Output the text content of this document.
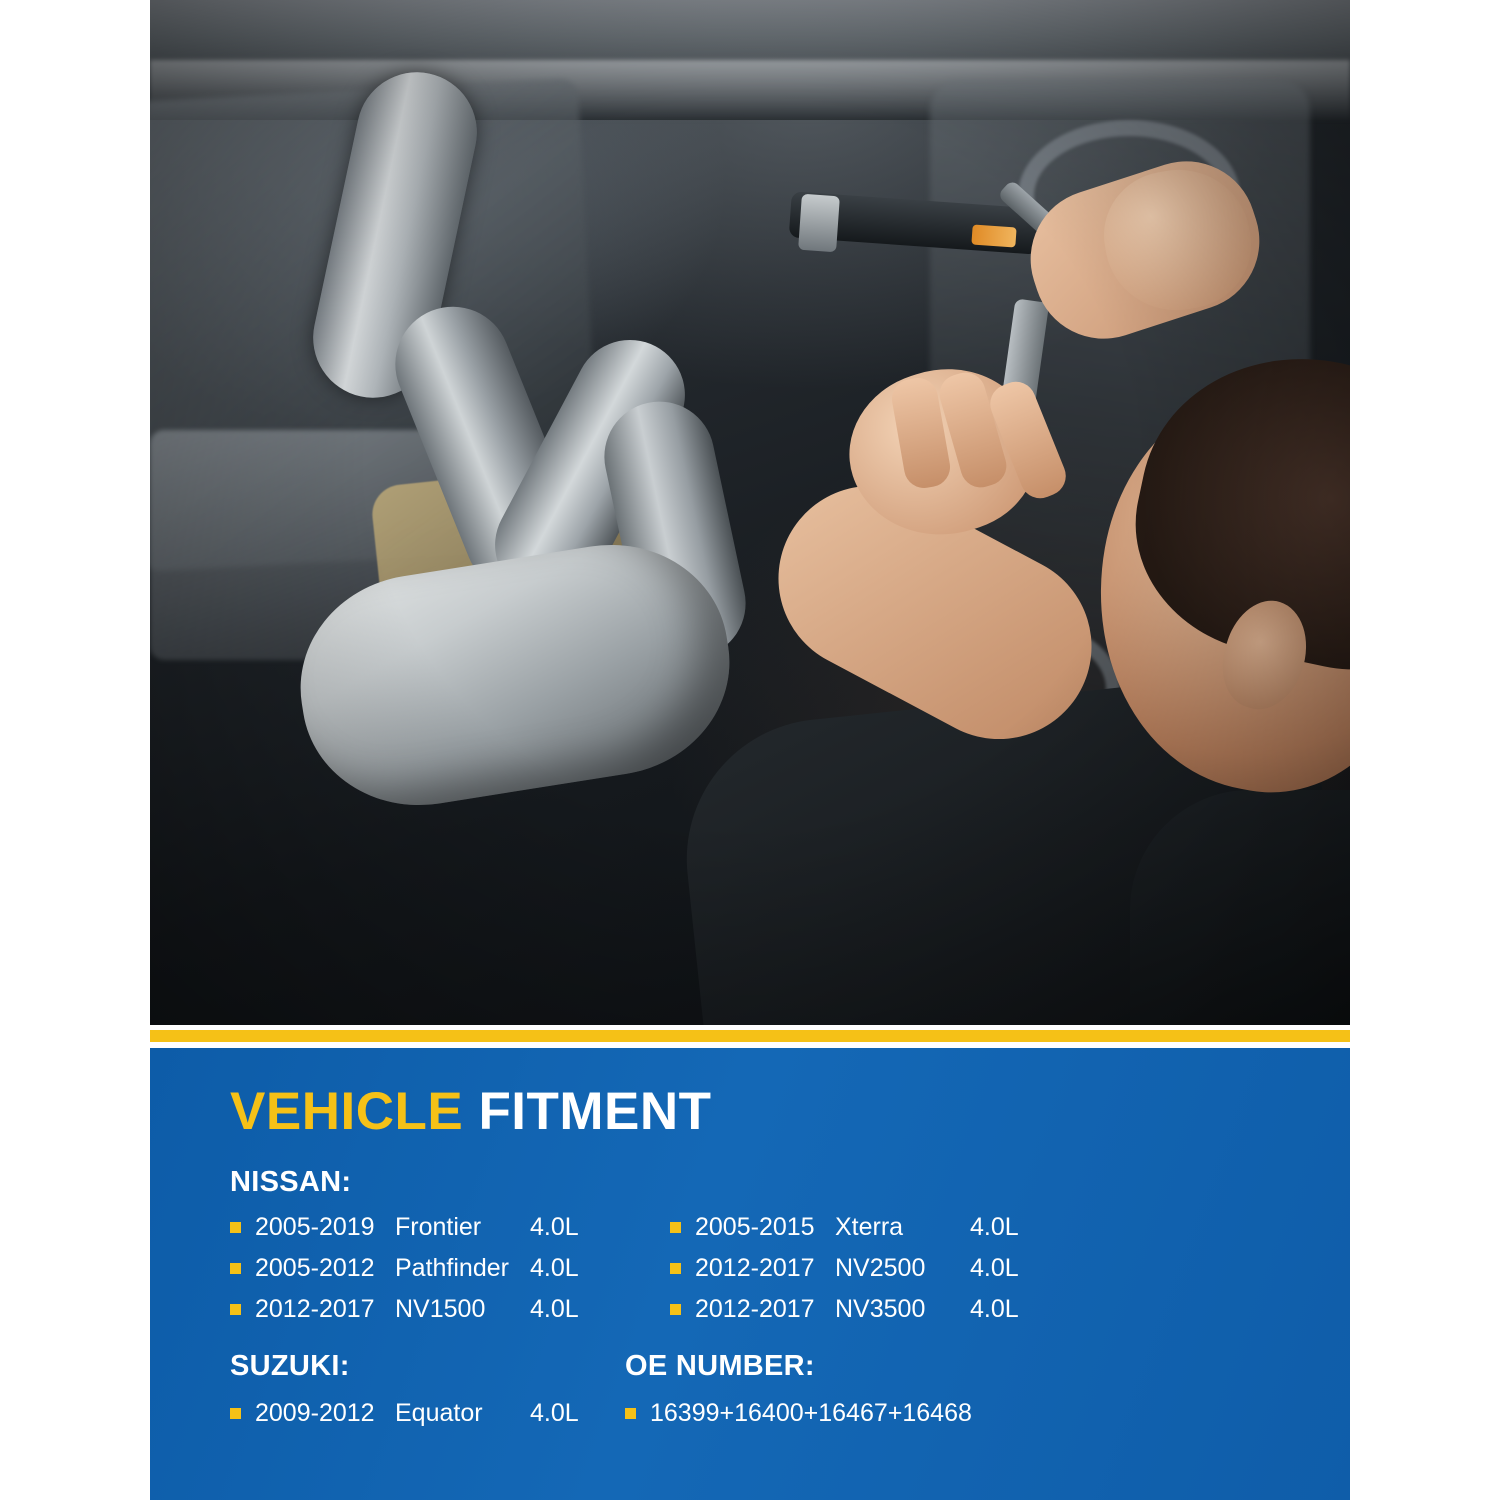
VEHICLE FITMENT
NISSAN:
2005-2019 Frontier	4.0L	2005-2015 Xterra	4.0L
2005-2012 Pathfinder 4.0L	2012-2017 NV2500	4.0L
2012-2017 NV1500	4.0L	2012-2017 NV3500	4.0L
SUZUKI:	OE NUMBER:
2009-2012 Equator	4.0L	16399+16400+16467+16468
